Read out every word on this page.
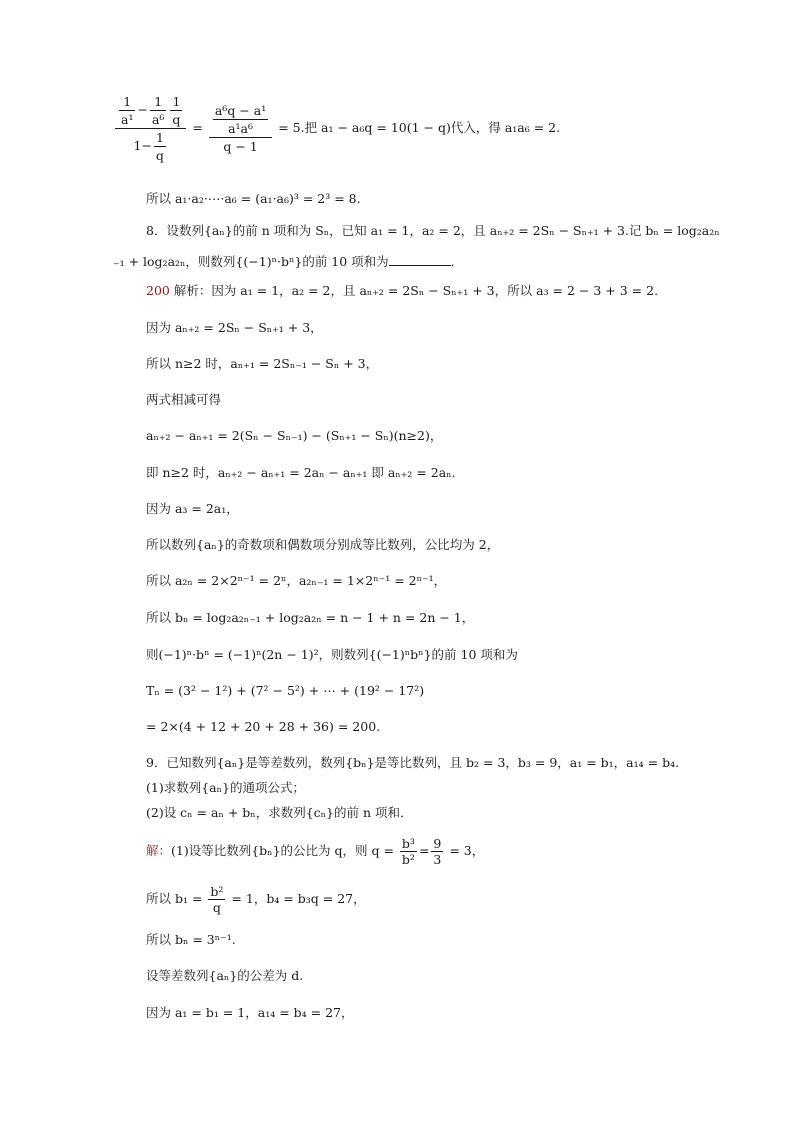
$\frac{\frac{1}{\text{a¹}} - \frac{1}{\text{a⁶}} \frac{1}{q}}{1- \frac{1}{q}} = \frac{\frac{\text{a⁶q − a¹}}{\text{a¹a⁶}}}{q - 1} = 5$.把 a₁ − a₆q = 10(1 − q)代入，得 a₁a₆ = 2.
所以 a₁·a₂·⋯·a₆ = (a₁·a₆)³ = 2³ = 8.
8．设数列{aₙ}的前 n 项和为 Sₙ，已知 a₁ = 1，a₂ = 2，且 aₙ₊₂ = 2Sₙ − Sₙ₊₁ + 3.记 bₙ = log₂a₂ₙ
₋₁ + log₂a₂ₙ，则数列{(−1)ⁿ·bⁿ}的前 10 项和为	．
200 解析：因为 a₁ = 1，a₂ = 2，且 aₙ₊₂ = 2Sₙ − Sₙ₊₁ + 3，所以 a₃ = 2 − 3 + 3 = 2.
因为 aₙ₊₂ = 2Sₙ − Sₙ₊₁ + 3，
所以 n≥2 时，aₙ₊₁ = 2Sₙ₋₁ − Sₙ + 3，
两式相减可得
aₙ₊₂ − aₙ₊₁ = 2(Sₙ − Sₙ₋₁) − (Sₙ₊₁ − Sₙ)(n≥2)，
即 n≥2 时，aₙ₊₂ − aₙ₊₁ = 2aₙ − aₙ₊₁ 即 aₙ₊₂ = 2aₙ.
因为 a₃ = 2a₁，
所以数列{aₙ}的奇数项和偶数项分别成等比数列，公比均为 2，
所以 a₂ₙ = 2×2ⁿ⁻¹ = 2ⁿ，a₂ₙ₋₁ = 1×2ⁿ⁻¹ = 2ⁿ⁻¹，
所以 bₙ = log₂a₂ₙ₋₁ + log₂a₂ₙ = n − 1 + n = 2n − 1，
则(−1)ⁿ·bⁿ = (−1)ⁿ(2n − 1)²，则数列{(−1)ⁿbⁿ}的前 10 项和为
Tₙ = (3² − 1²) + (7² − 5²) + ⋯ + (19² − 17²)
= 2×(4 + 12 + 20 + 28 + 36) = 200.
9．已知数列{aₙ}是等差数列，数列{bₙ}是等比数列，且 b₂ = 3，b₃ = 9，a₁ = b₁，a₁₄ = b₄.
(1)求数列{aₙ}的通项公式；
(2)设 cₙ = aₙ + bₙ，求数列{cₙ}的前 n 项和．
解：(1)设等比数列{bₙ}的公比为 q，则 $q = \frac{\text{b³}}{\text{b²}} = \frac{9}{3} = 3$，
所以 $b_1 = \frac{\text{b²}}{q} = 1$，b₄ = b₃q = 27，
所以 bₙ = 3ⁿ⁻¹.
设等差数列{aₙ}的公差为 d.
因为 a₁ = b₁ = 1，a₁₄ = b₄ = 27，
